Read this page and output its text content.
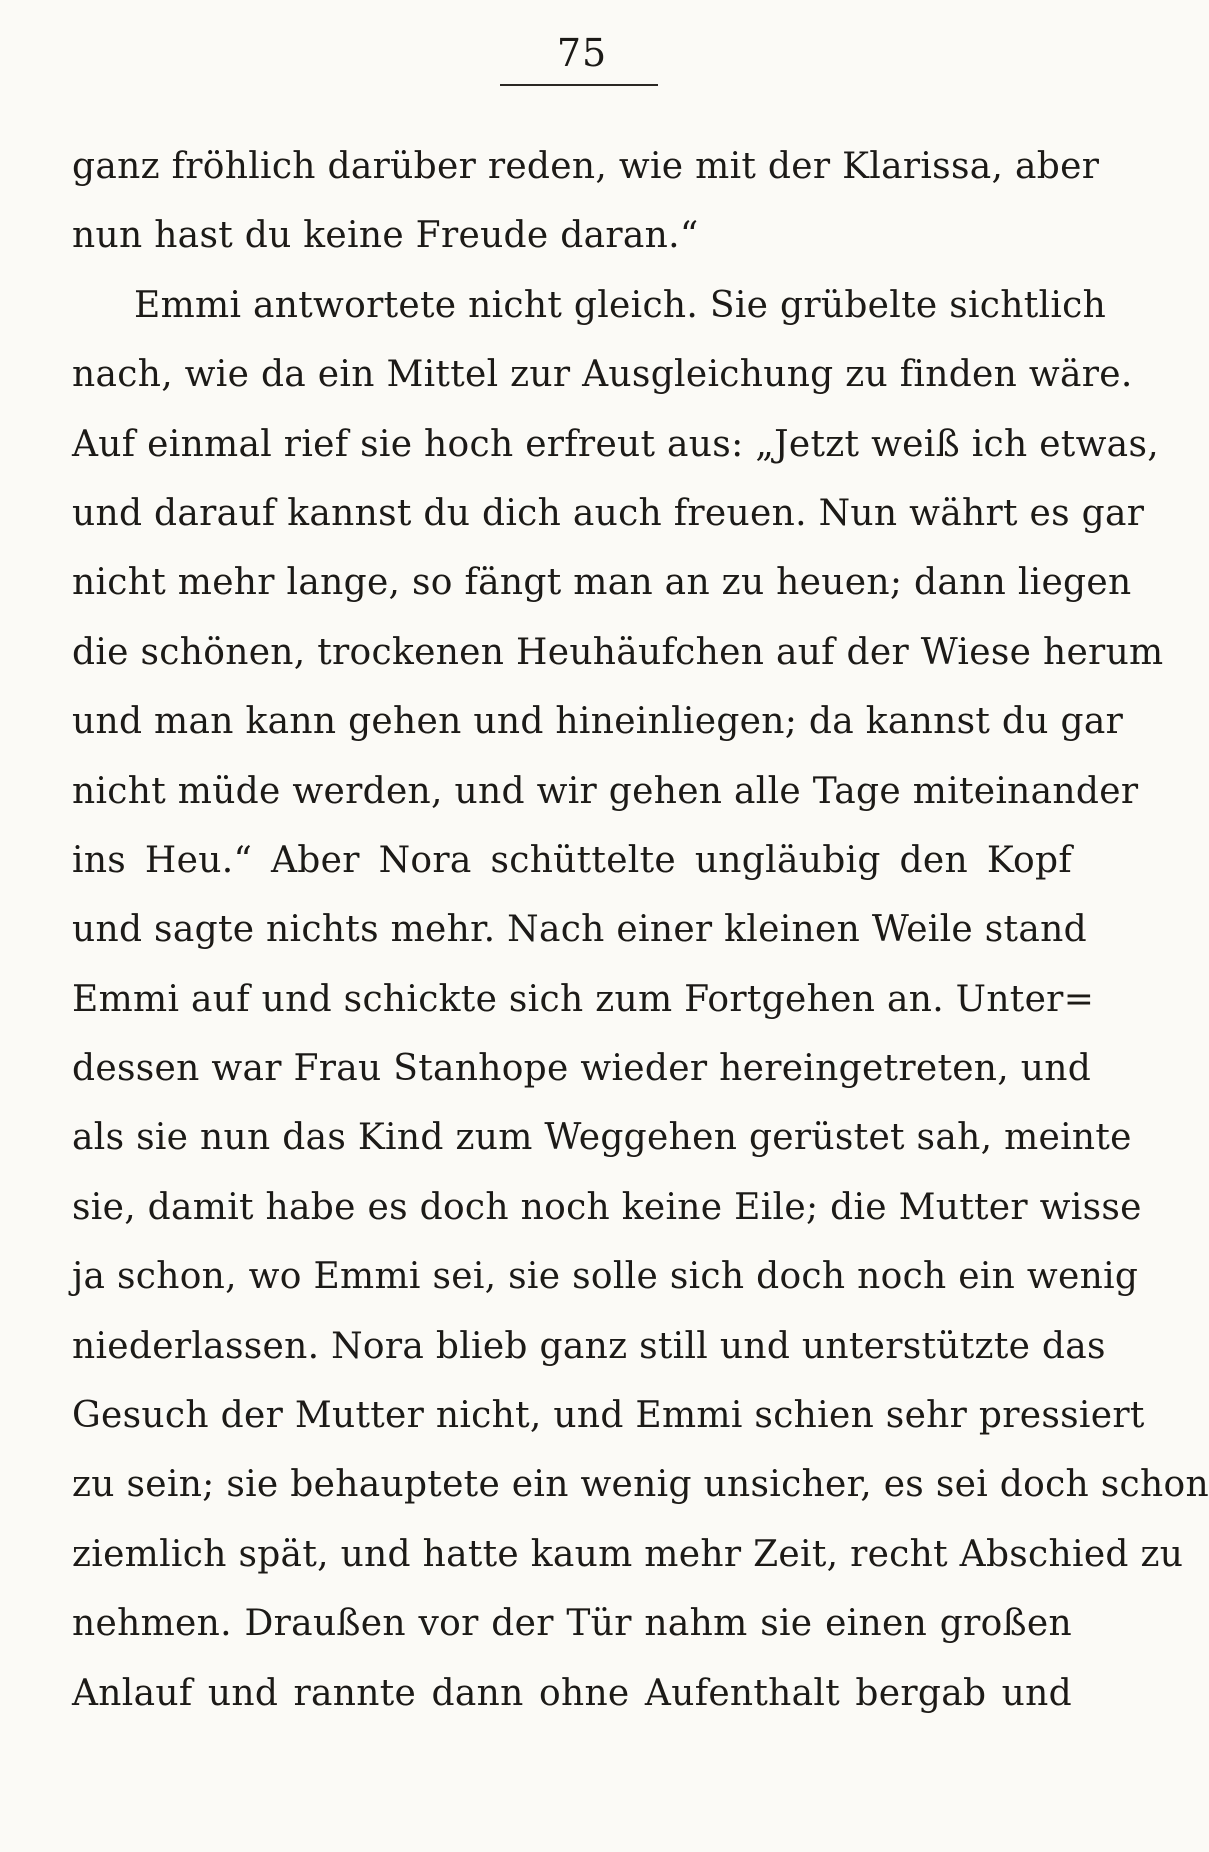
75
ganz fröhlich darüber reden, wie mit der Klarissa, aber
nun hast du keine Freude daran.“
Emmi antwortete nicht gleich. Sie grübelte sichtlich
nach, wie da ein Mittel zur Ausgleichung zu finden wäre.
Auf einmal rief sie hoch erfreut aus: „Jetzt weiß ich etwas,
und darauf kannst du dich auch freuen. Nun währt es gar
nicht mehr lange, so fängt man an zu heuen; dann liegen
die schönen, trockenen Heuhäufchen auf der Wiese herum
und man kann gehen und hineinliegen; da kannst du gar
nicht müde werden, und wir gehen alle Tage miteinander
ins Heu.“ Aber Nora schüttelte ungläubig den Kopf
und sagte nichts mehr. Nach einer kleinen Weile stand
Emmi auf und schickte sich zum Fortgehen an. Unter=
dessen war Frau Stanhope wieder hereingetreten, und
als sie nun das Kind zum Weggehen gerüstet sah, meinte
sie, damit habe es doch noch keine Eile; die Mutter wisse
ja schon, wo Emmi sei, sie solle sich doch noch ein wenig
niederlassen. Nora blieb ganz still und unterstützte das
Gesuch der Mutter nicht, und Emmi schien sehr pressiert
zu sein; sie behauptete ein wenig unsicher, es sei doch schon
ziemlich spät, und hatte kaum mehr Zeit, recht Abschied zu
nehmen. Draußen vor der Tür nahm sie einen großen
Anlauf und rannte dann ohne Aufenthalt bergab und
